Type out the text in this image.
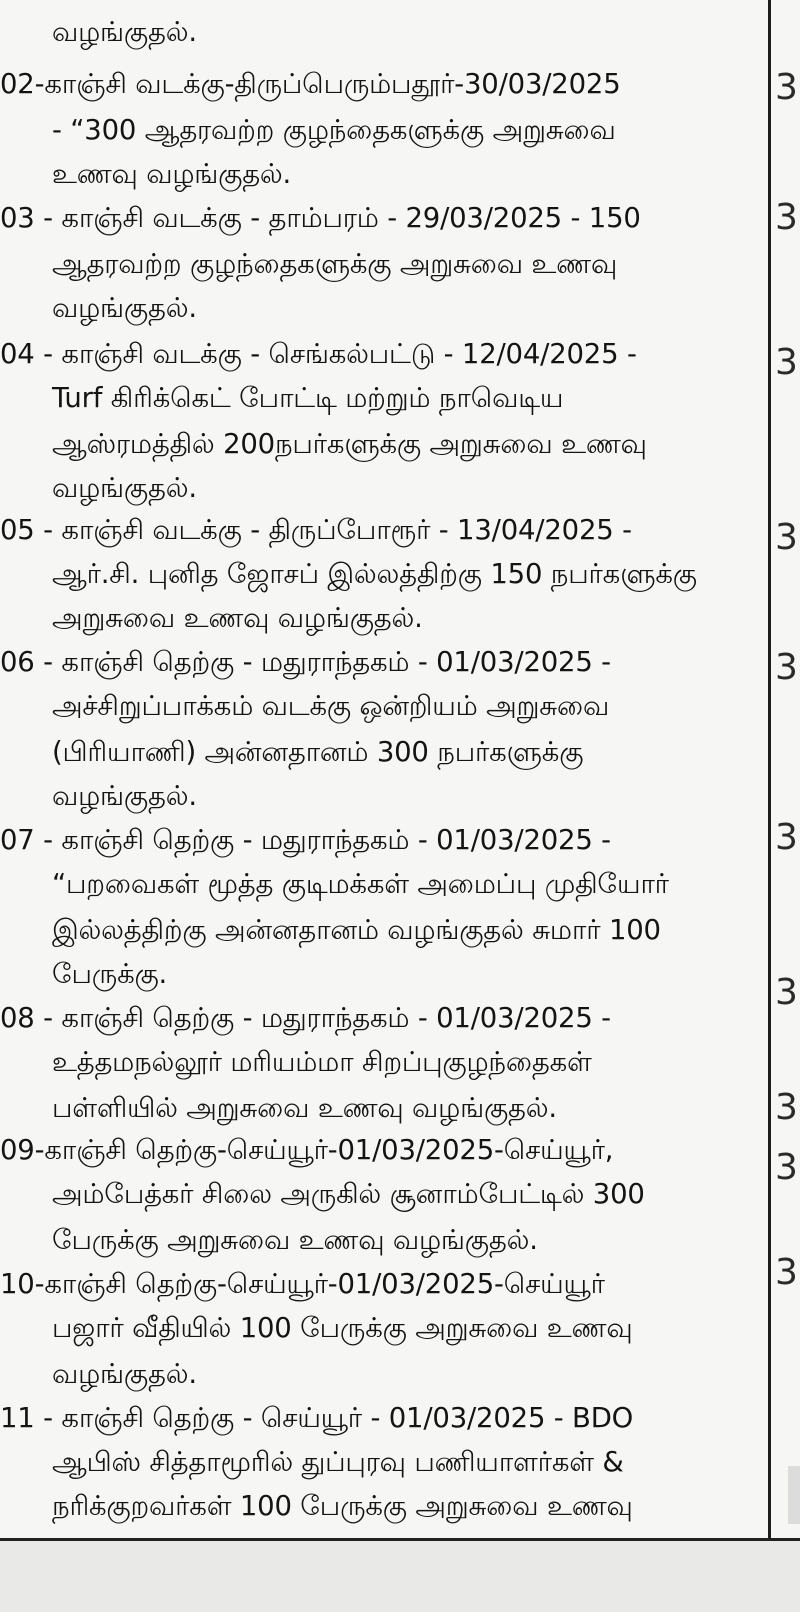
வழங்குதல்.
02-காஞ்சி வடக்கு-திருப்பெரும்பதூர்-30/03/2025
- “300 ஆதரவற்ற குழந்தைகளுக்கு அறுசுவை
உணவு வழங்குதல்.
03 - காஞ்சி வடக்கு - தாம்பரம் - 29/03/2025 - 150
ஆதரவற்ற குழந்தைகளுக்கு அறுசுவை உணவு
வழங்குதல்.
04 - காஞ்சி வடக்கு - செங்கல்பட்டு - 12/04/2025 -
Turf கிரிக்கெட் போட்டி மற்றும் நாவெடிய
ஆஸ்ரமத்தில் 200நபர்களுக்கு அறுசுவை உணவு
வழங்குதல்.
05 - காஞ்சி வடக்கு - திருப்போரூர் - 13/04/2025 -
ஆர்.சி. புனித ஜோசப் இல்லத்திற்கு 150 நபர்களுக்கு
அறுசுவை உணவு வழங்குதல்.
06 - காஞ்சி தெற்கு - மதுராந்தகம் - 01/03/2025 -
அச்சிறுப்பாக்கம் வடக்கு ஒன்றியம் அறுசுவை
(பிரியாணி) அன்னதானம் 300 நபர்களுக்கு
வழங்குதல்.
07 - காஞ்சி தெற்கு - மதுராந்தகம் - 01/03/2025 -
“பறவைகள் மூத்த குடிமக்கள் அமைப்பு முதியோர்
இல்லத்திற்கு அன்னதானம் வழங்குதல் சுமார் 100
பேருக்கு.
08 - காஞ்சி தெற்கு - மதுராந்தகம் - 01/03/2025 -
உத்தமநல்லூர் மரியம்மா சிறப்புகுழந்தைகள்
பள்ளியில் அறுசுவை உணவு வழங்குதல்.
09-காஞ்சி தெற்கு-செய்யூர்-01/03/2025-செய்யூர்,
அம்பேத்கர் சிலை அருகில் சூனாம்பேட்டில் 300
பேருக்கு அறுசுவை உணவு வழங்குதல்.
10-காஞ்சி தெற்கு-செய்யூர்-01/03/2025-செய்யூர்
பஜார் வீதியில் 100 பேருக்கு அறுசுவை உணவு
வழங்குதல்.
11 - காஞ்சி தெற்கு - செய்யூர் - 01/03/2025 - BDO
ஆபிஸ் சித்தாமூரில் துப்புரவு பணியாளர்கள் &
நரிக்குறவர்கள் 100 பேருக்கு அறுசுவை உணவு
3
3
3
3
3
3
3
3
3
3
